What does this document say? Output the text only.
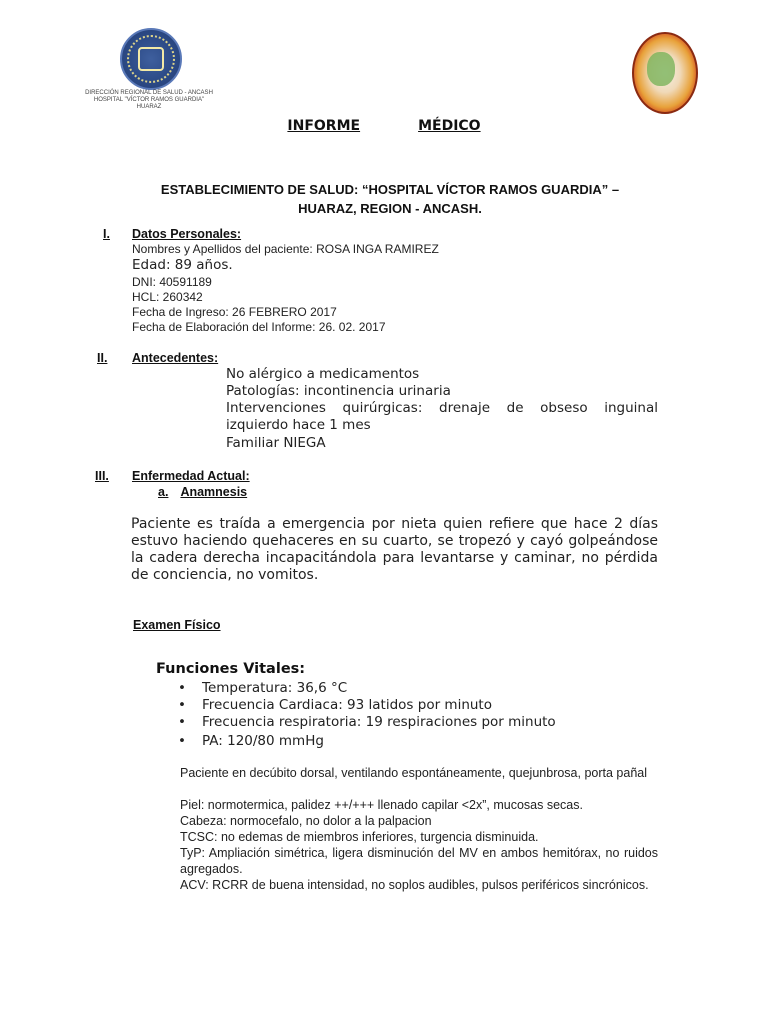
DIRECCIÓN REGIONAL DE SALUD - ANCASH
HOSPITAL "VÍCTOR RAMOS GUARDIA"
HUARAZ
INFORME	MÉDICO
ESTABLECIMIENTO DE SALUD: “HOSPITAL VÍCTOR RAMOS GUARDIA” – HUARAZ, REGION - ANCASH.
I. Datos Personales:
Nombres y Apellidos del paciente: ROSA INGA RAMIREZ
Edad: 89 años.
DNI: 40591189
HCL: 260342
Fecha de Ingreso: 26 FEBRERO 2017
Fecha de Elaboración del Informe: 26. 02. 2017
II. Antecedentes:
No alérgico a medicamentos
Patologías: incontinencia urinaria
Intervenciones quirúrgicas: drenaje de obseso inguinal izquierdo hace 1 mes
Familiar NIEGA
III. Enfermedad Actual:
a. Anamnesis
Paciente es traída a emergencia por nieta quien refiere que hace 2 días estuvo haciendo quehaceres en su cuarto, se tropezó y cayó golpeándose la cadera derecha incapacitándola para levantarse y caminar, no pérdida de conciencia, no vomitos.
Examen Físico
Funciones Vitales:
• Temperatura: 36,6 °C
• Frecuencia Cardiaca: 93 latidos por minuto
• Frecuencia respiratoria: 19 respiraciones por minuto
• PA: 120/80 mmHg
Paciente en decúbito dorsal, ventilando espontáneamente, quejunbrosa, porta pañal
Piel: normotermica, palidez ++/+++ llenado capilar <2x”, mucosas secas.
Cabeza: normocefalo, no dolor a la palpacion
TCSC: no edemas de miembros inferiores, turgencia disminuida.
TyP: Ampliación simétrica, ligera disminución del MV en ambos hemitórax, no ruidos agregados.
ACV: RCRR de buena intensidad, no soplos audibles, pulsos periféricos sincrónicos.
